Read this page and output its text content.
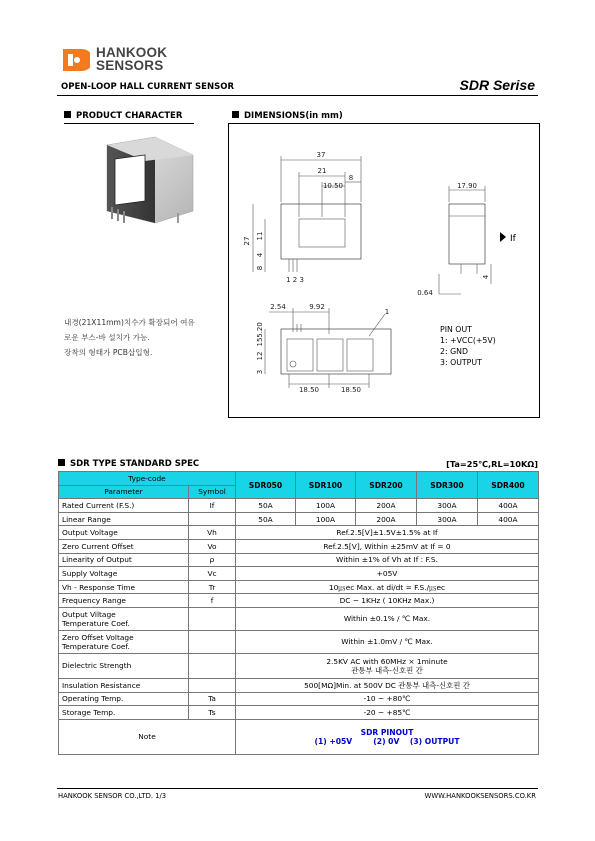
HANKOOK
SENSORS
OPEN-LOOP HALL CURRENT SENSOR	SDR Serise
PRODUCT CHARACTER	DIMENSIONS(in mm)
내경(21X11mm)치수가 확장되어 여유
로운 부스-바 설치가 가능.
장착의 형태가 PCB삽입형.
37
21
8
10.50	17.90
27
11
4
8
1 2 3	4
0.64
2.54	9.92
5.20
15
12
3
18.50	18.50
1
If
PIN OUT
1: +VCC(+5V)
2: GND
3: OUTPUT
SDR TYPE STANDARD SPEC	[Ta=25℃,RL=10KΩ]
Type-code		SDR050	SDR100	SDR200	SDR300	SDR400
Parameter	Symbol					
Rated Current (F.S.)	If	50A	100A	200A	300A	400A
Linear Range		50A	100A	200A	300A	400A
Output Voltage	Vh	Ref.2.5[V]±1.5V±1.5% at If				
Zero Current Offset	Vo	Ref.2.5[V], Within ±25mV at If = 0				
Linearity of Output	ρ	Within ±1% of Vh at If : F.S.				
Supply Voltage	Vc	+05V				
Vh - Response Time	Tr	10㎲ec Max. at di/dt = F.S./㎲ec				
Frequency Range	f	DC ~ 1KHz ( 10KHz Max.)				

Output Viltage
Temperature Coef.		Within ±0.1% / ℃ Max.				

Zero Offset Voltage
Temperature Coef.		Within ±1.0mV / ℃ Max.				
Dielectric Strength		2.5KV AC with 60MHz × 1minute
관통부 내측-신호핀 간				

Insulation Resistance		500[MΩ]Min. at 500V DC 관통부 내측-신호핀 간				
Operating Temp.	Ta	-10 ~ +80℃				
Storage Temp.	Ts	-20 ~ +85℃				
Note		SDR PINOUT
(1) +05V        (2) 0V    (3) OUTPUT				
HANKOOK SENSOR CO.,LTD. 1/3	WWW.HANKOOKSENSORS.CO.KR
